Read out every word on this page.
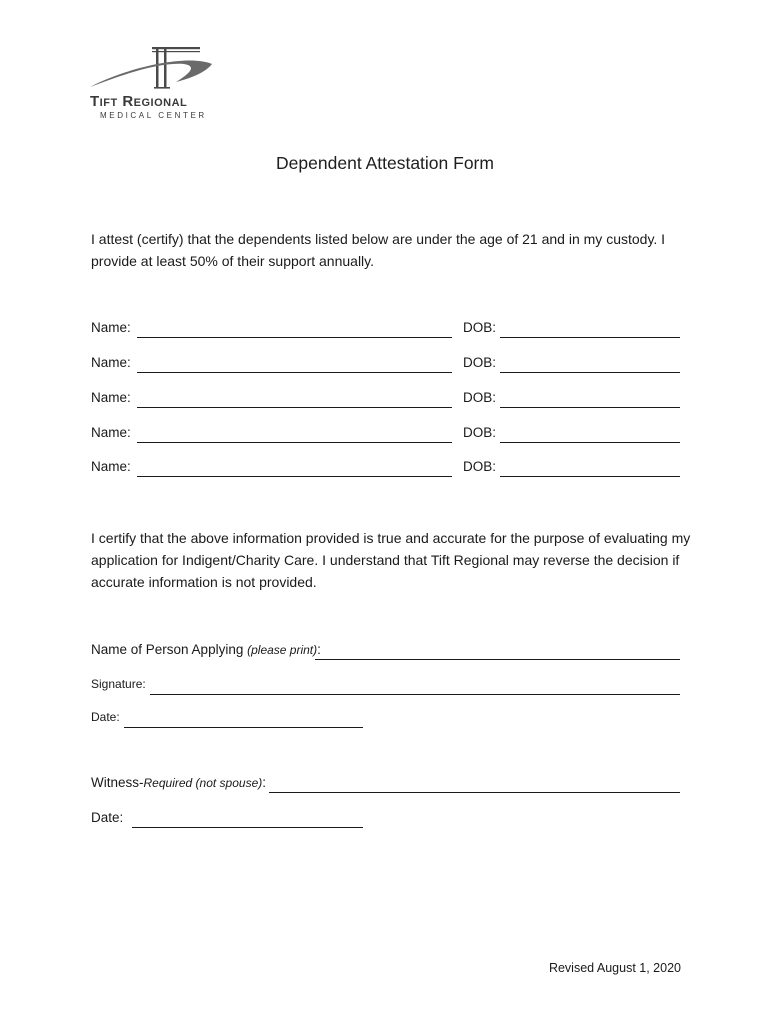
Tift Regional
MEDICAL CENTER
Dependent Attestation Form
I attest (certify) that the dependents listed below are under the age of 21 and in my custody. I provide at least 50% of their support annually.
Name:	DOB:
Name:	DOB:
Name:	DOB:
Name:	DOB:
Name:	DOB:
I certify that the above information provided is true and accurate for the purpose of evaluating my application for Indigent/Charity Care. I understand that Tift Regional may reverse the decision if accurate information is not provided.
Name of Person Applying (please print):
Signature:
Date:
Witness-Required (not spouse):
Date:
Revised August 1, 2020
